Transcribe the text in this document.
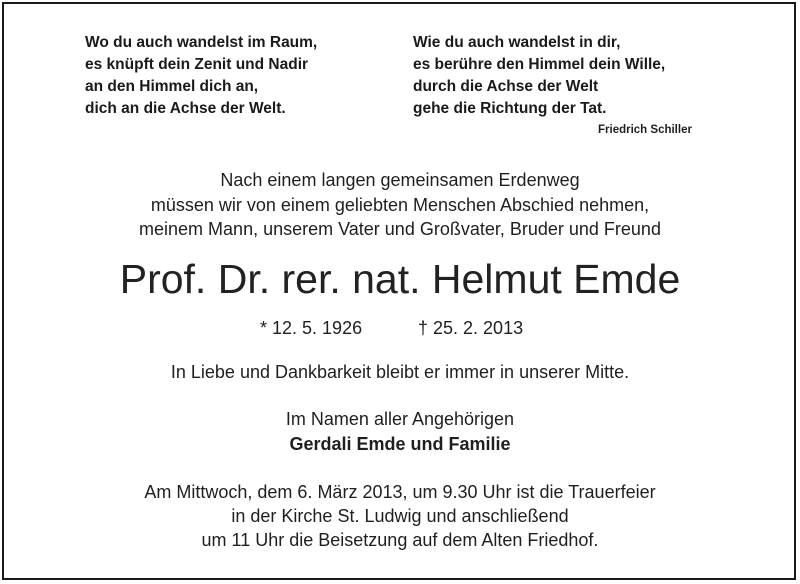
Wo du auch wandelst im Raum,
es knüpft dein Zenit und Nadir
an den Himmel dich an,
dich an die Achse der Welt.
Wie du auch wandelst in dir,
es berühre den Himmel dein Wille,
durch die Achse der Welt
gehe die Richtung der Tat.
Friedrich Schiller
Nach einem langen gemeinsamen Erdenweg
müssen wir von einem geliebten Menschen Abschied nehmen,
meinem Mann, unserem Vater und Großvater, Bruder und Freund
Prof. Dr. rer. nat. Helmut Emde
* 12. 5. 1926	† 25. 2. 2013
In Liebe und Dankbarkeit bleibt er immer in unserer Mitte.
Im Namen aller Angehörigen
Gerdali Emde und Familie
Am Mittwoch, dem 6. März 2013, um 9.30 Uhr ist die Trauerfeier
in der Kirche St. Ludwig und anschließend
um 11 Uhr die Beisetzung auf dem Alten Friedhof.
